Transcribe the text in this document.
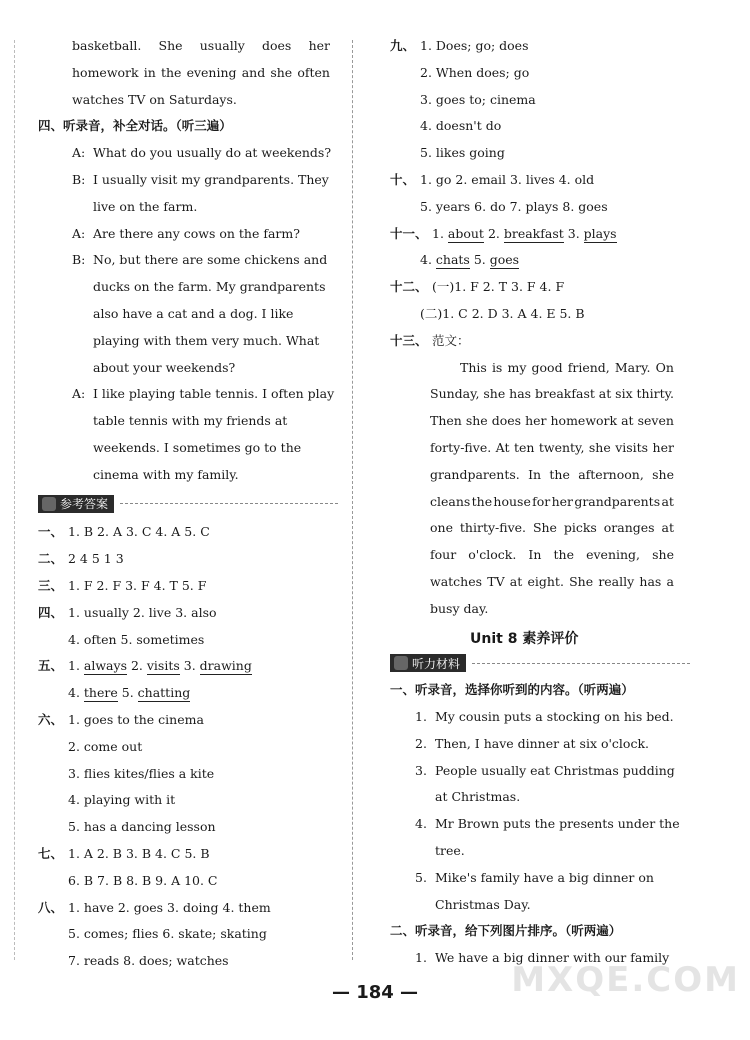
basketball. She usually does her
homework in the evening and she often
watches TV on Saturdays.
四、听录音，补全对话。（听三遍）
A: What do you usually do at weekends?
B: I usually visit my grandparents. They
live on the farm.
A: Are there any cows on the farm?
B: No, but there are some chickens and
ducks on the farm. My grandparents
also have a cat and a dog. I like
playing with them very much. What
about your weekends?
A: I like playing table tennis. I often play
table tennis with my friends at
weekends. I sometimes go to the
cinema with my family.
参考答案
一、 1. B 2. A 3. C 4. A 5. C
二、 2 4 5 1 3
三、 1. F 2. F 3. F 4. T 5. F
四、 1. usually 2. live 3. also
4. often 5. sometimes
五、 1. always 2. visits 3. drawing
4. there 5. chatting
六、 1. goes to the cinema
2. come out
3. flies kites/flies a kite
4. playing with it
5. has a dancing lesson
七、 1. A 2. B 3. B 4. C 5. B
6. B 7. B 8. B 9. A 10. C
八、 1. have 2. goes 3. doing 4. them
5. comes; flies 6. skate; skating
7. reads 8. does; watches
九、 1. Does; go; does
2. When does; go
3. goes to; cinema
4. doesn't do
5. likes going
十、 1. go 2. email 3. lives 4. old
5. years 6. do 7. plays 8. goes
十一、 1. about 2. breakfast 3. plays
4. chats 5. goes
十二、 (一)1. F 2. T 3. F 4. F
(二)1. C 2. D 3. A 4. E 5. B
十三、 范文：
This is my good friend, Mary. On
Sunday, she has breakfast at six thirty.
Then she does her homework at seven
forty-five. At ten twenty, she visits her
grandparents. In the afternoon, she
cleans the house for her grandparents at
one thirty-five. She picks oranges at
four o'clock. In the evening, she
watches TV at eight. She really has a
busy day.
Unit 8 素养评价
听力材料
一、听录音，选择你听到的内容。（听两遍）
1. My cousin puts a stocking on his bed.
2. Then, I have dinner at six o'clock.
3. People usually eat Christmas pudding
at Christmas.
4. Mr Brown puts the presents under the
tree.
5. Mike's family have a big dinner on
Christmas Day.
二、听录音，给下列图片排序。（听两遍）
1. We have a big dinner with our family
— 184 —	MXQE.COM
